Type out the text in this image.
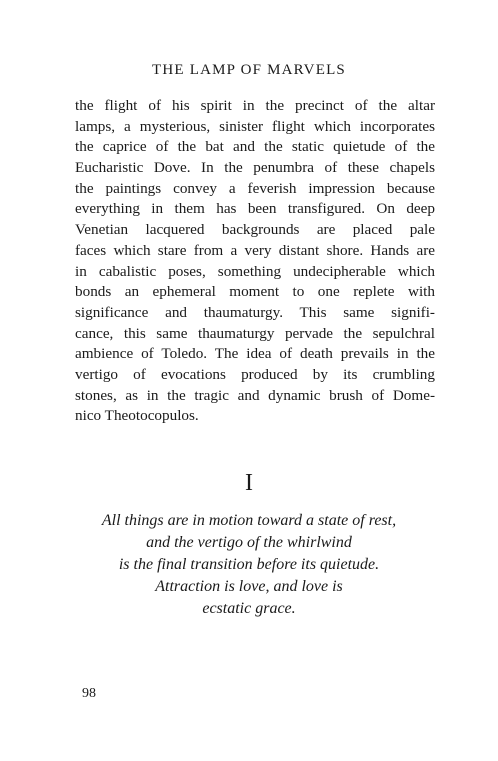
THE LAMP OF MARVELS
the flight of his spirit in the precinct of the altar
lamps, a mysterious, sinister flight which incorporates
the caprice of the bat and the static quietude of the
Eucharistic Dove. In the penumbra of these chapels
the paintings convey a feverish impression because
everything in them has been transfigured. On deep
Venetian lacquered backgrounds are placed pale
faces which stare from a very distant shore. Hands are
in cabalistic poses, something undecipherable which
bonds an ephemeral moment to one replete with
significance and thaumaturgy. This same signifi-
cance, this same thaumaturgy pervade the sepulchral
ambience of Toledo. The idea of death prevails in the
vertigo of evocations produced by its crumbling
stones, as in the tragic and dynamic brush of Dome-
nico Theotocopulos.
I
All things are in motion toward a state of rest,
and the vertigo of the whirlwind
is the final transition before its quietude.
Attraction is love, and love is
ecstatic grace.
98
